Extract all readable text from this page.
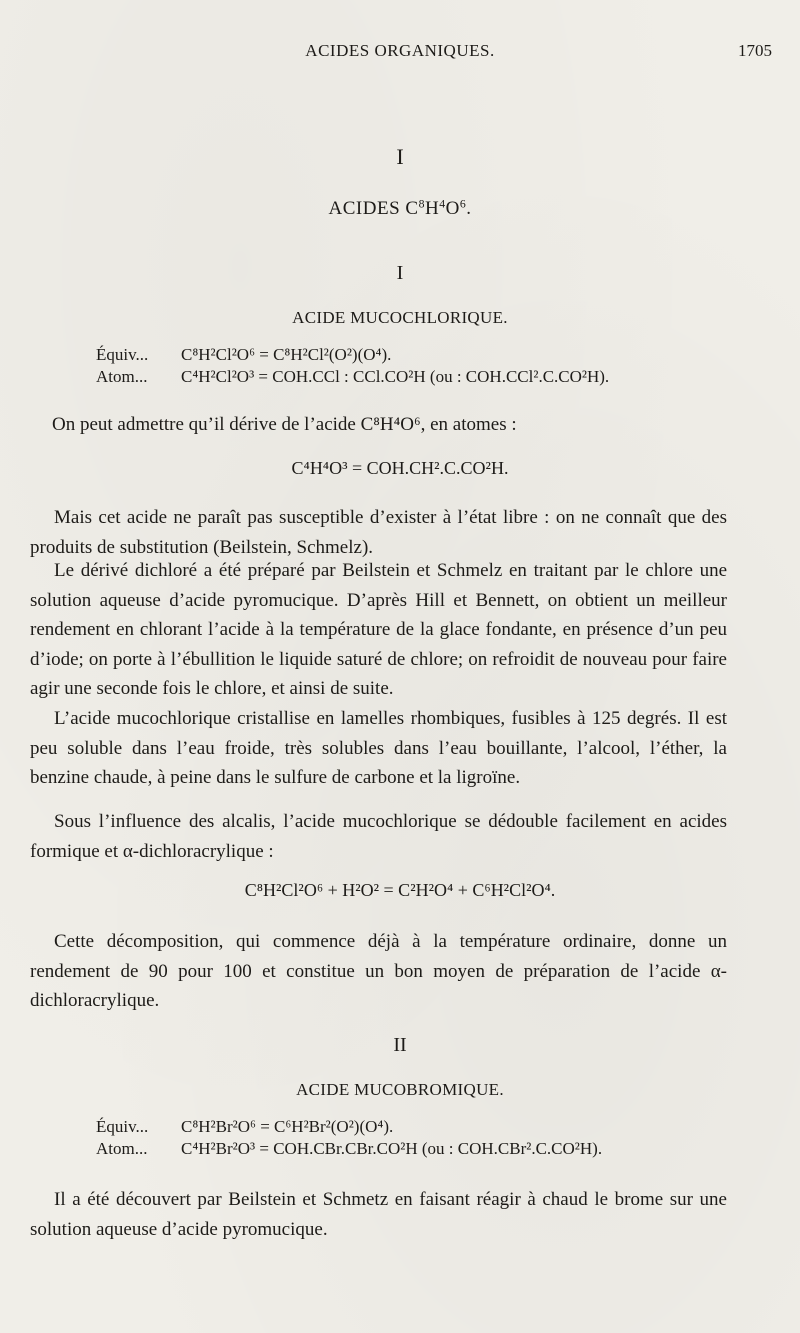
ACIDES ORGANIQUES.	1705
I
ACIDES $C^8H^4O^6$.
I
ACIDE MUCOCHLORIQUE.
Équiv... C⁸H²Cl²O⁶ = C⁸H²Cl²(O²)(O⁴).
Atom... C⁴H²Cl²O³ = COH.CCl : CCl.CO²H (ou : COH.CCl².C.CO²H).
On peut admettre qu’il dérive de l’acide C⁸H⁴O⁶, en atomes :
C⁴H⁴O³ = COH.CH².C.CO²H.
Mais cet acide ne paraît pas susceptible d’exister à l’état libre : on ne connaît que des produits de substitution (Beilstein, Schmelz).
Le dérivé dichloré a été préparé par Beilstein et Schmelz en traitant par le chlore une solution aqueuse d’acide pyromucique. D’après Hill et Bennett, on obtient un meilleur rendement en chlorant l’acide à la température de la glace fondante, en présence d’un peu d’iode; on porte à l’ébullition le liquide saturé de chlore; on refroidit de nouveau pour faire agir une seconde fois le chlore, et ainsi de suite.
L’acide mucochlorique cristallise en lamelles rhombiques, fusibles à 125 degrés. Il est peu soluble dans l’eau froide, très solubles dans l’eau bouillante, l’alcool, l’éther, la benzine chaude, à peine dans le sulfure de carbone et la ligroïne.
Sous l’influence des alcalis, l’acide mucochlorique se dédouble facilement en acides formique et α-dichloracrylique :
C⁸H²Cl²O⁶ + H²O² = C²H²O⁴ + C⁶H²Cl²O⁴.
Cette décomposition, qui commence déjà à la température ordinaire, donne un rendement de 90 pour 100 et constitue un bon moyen de préparation de l’acide α-dichloracrylique.
II
ACIDE MUCOBROMIQUE.
Équiv... C⁸H²Br²O⁶ = C⁶H²Br²(O²)(O⁴).
Atom... C⁴H²Br²O³ = COH.CBr.CBr.CO²H (ou : COH.CBr².C.CO²H).
Il a été découvert par Beilstein et Schmetz en faisant réagir à chaud le brome sur une solution aqueuse d’acide pyromucique.
